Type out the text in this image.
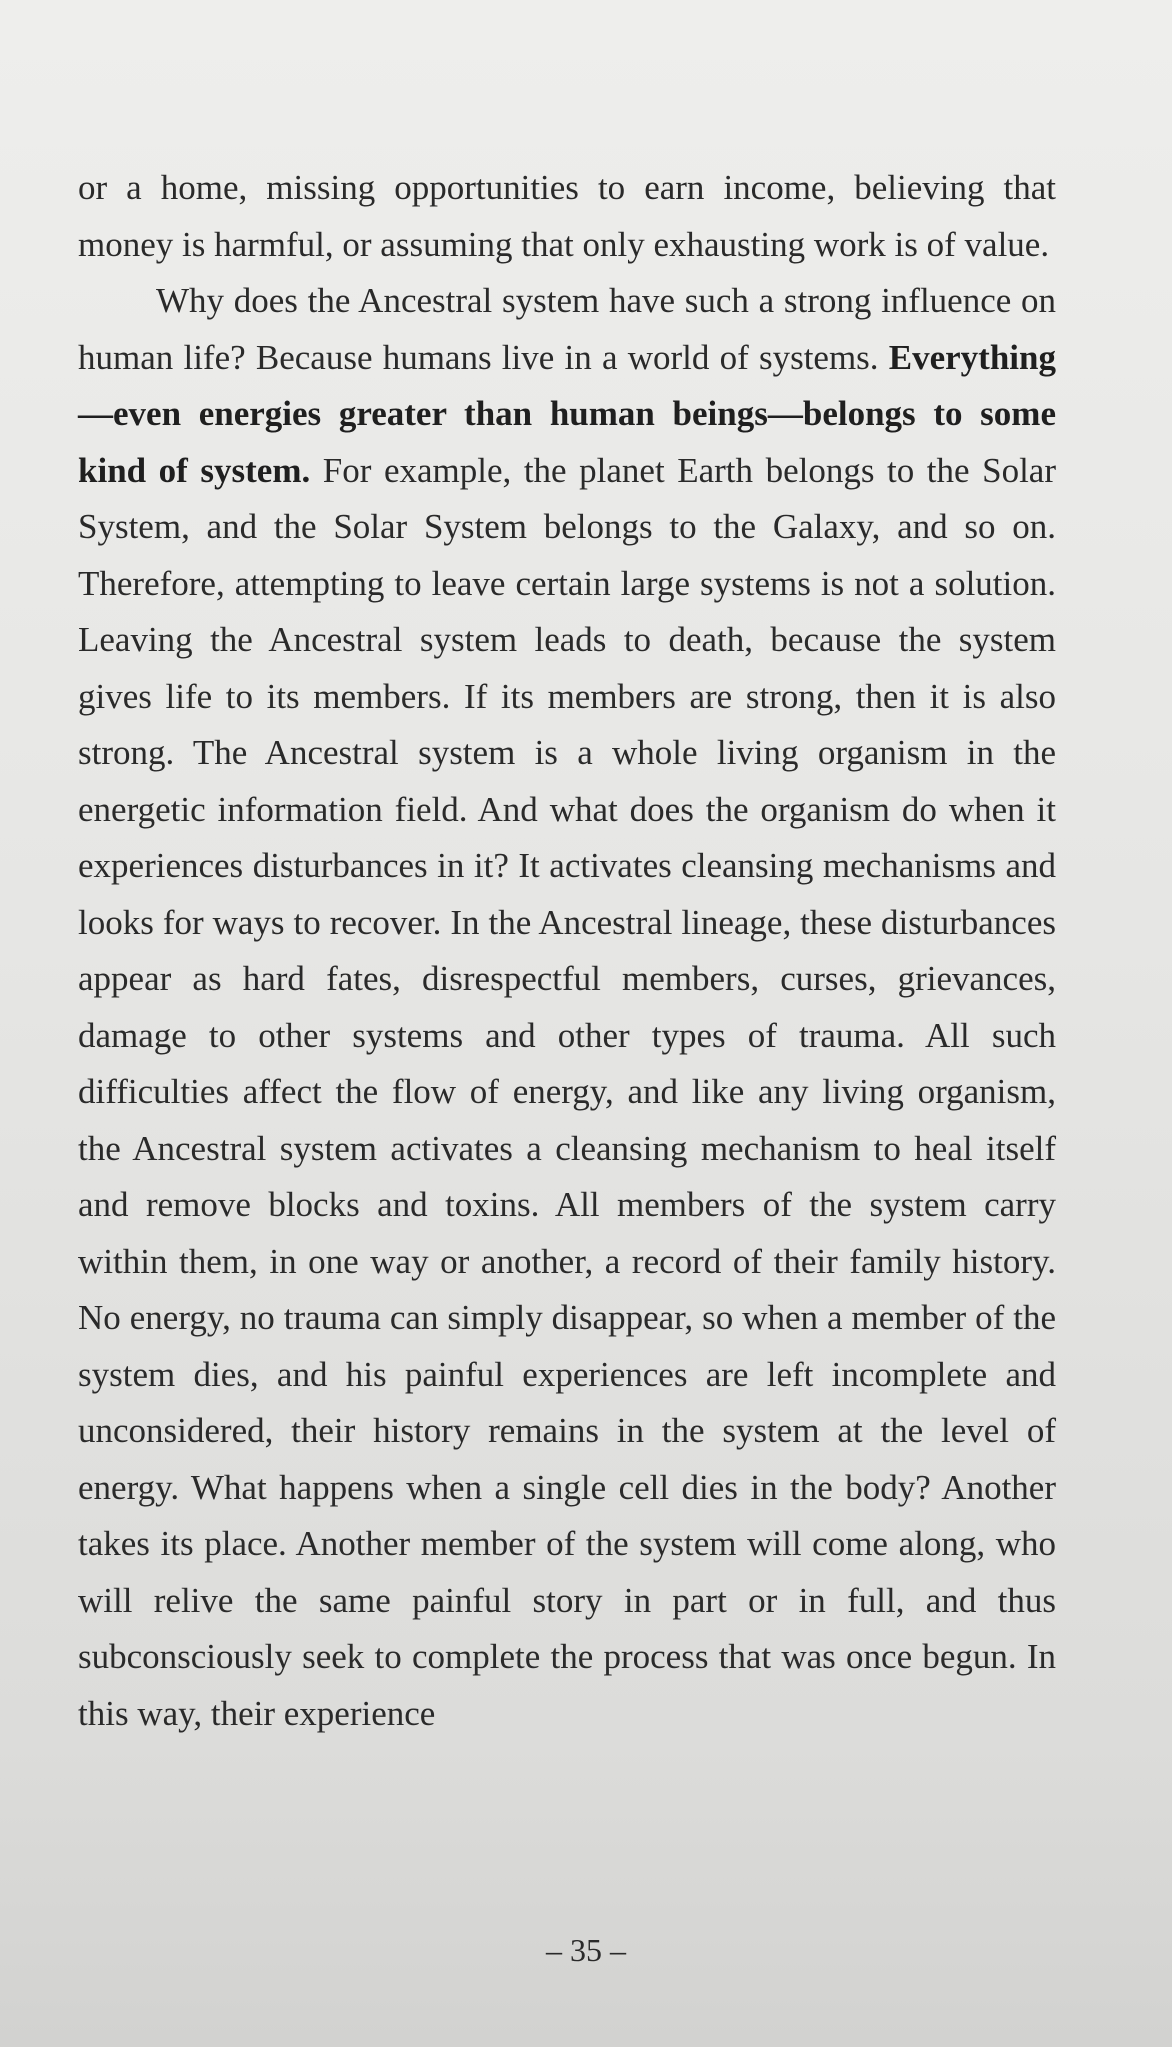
or a home, missing opportunities to earn income, believing that money is harmful, or assuming that only exhausting work is of value.

Why does the Ancestral system have such a strong influence on human life? Because humans live in a world of systems. Everything—even energies greater than human beings—belongs to some kind of system. For example, the planet Earth belongs to the Solar System, and the Solar System belongs to the Galaxy, and so on. Therefore, attempting to leave certain large systems is not a solution. Leaving the Ancestral system leads to death, because the system gives life to its members. If its members are strong, then it is also strong. The Ancestral system is a whole living organism in the energetic information field. And what does the organism do when it experiences disturbances in it? It activates cleansing mechanisms and looks for ways to recover. In the Ancestral lineage, these disturbances appear as hard fates, disrespectful members, curses, grievances, damage to other systems and other types of trauma. All such difficulties affect the flow of energy, and like any living organism, the Ancestral system activates a cleansing mechanism to heal itself and remove blocks and toxins. All members of the system carry within them, in one way or another, a record of their family history. No energy, no trauma can simply disappear, so when a member of the system dies, and his painful experiences are left incomplete and unconsidered, their history remains in the system at the level of energy. What happens when a single cell dies in the body? Another takes its place. Another member of the system will come along, who will relive the same painful story in part or in full, and thus subconsciously seek to complete the process that was once begun. In this way, their experience

– 35 –
